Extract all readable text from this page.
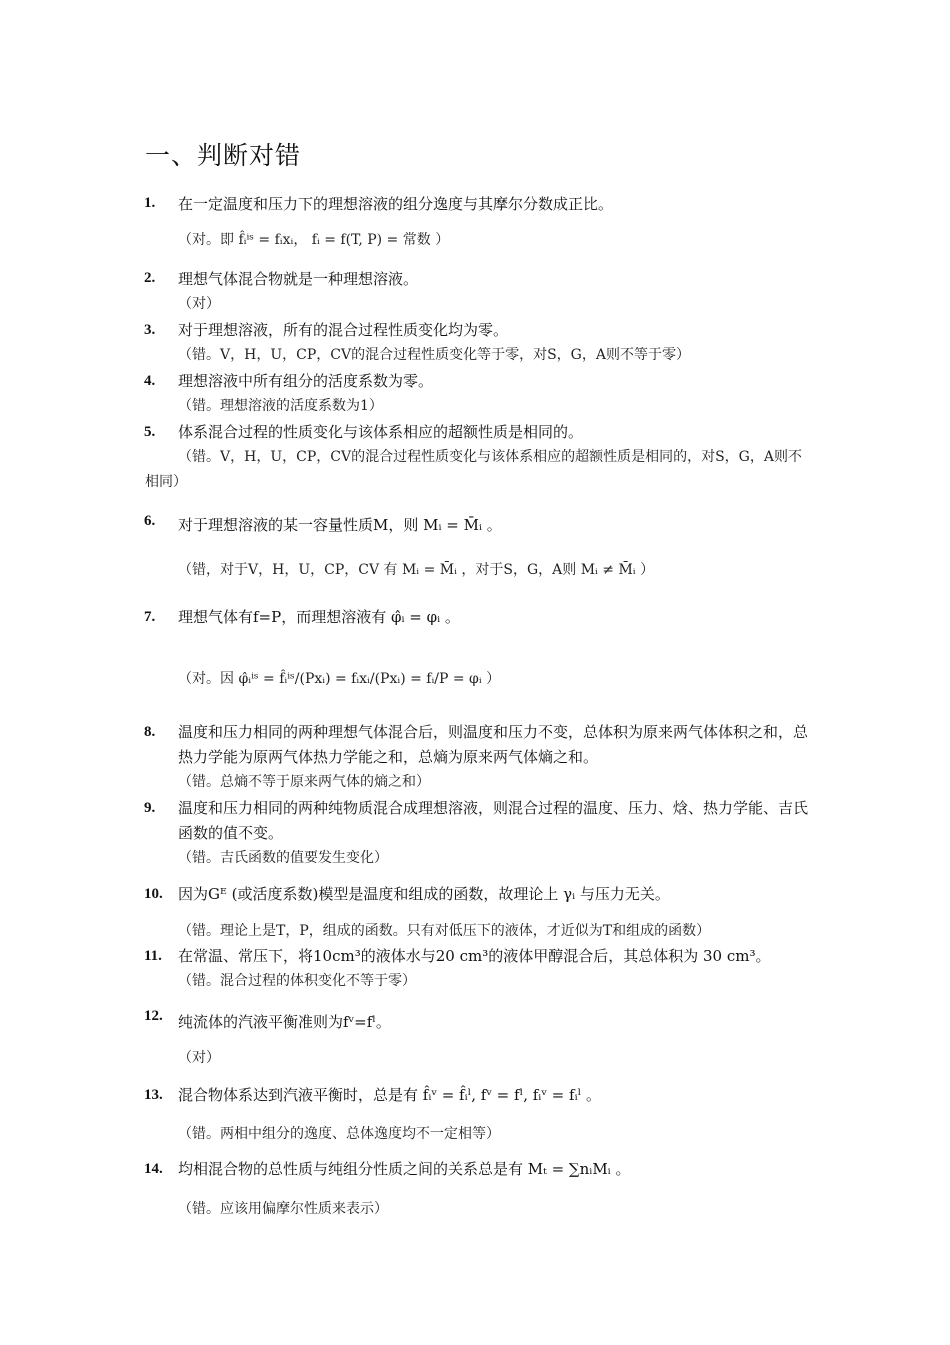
一、判断对错
1. 在一定温度和压力下的理想溶液的组分逸度与其摩尔分数成正比。
（对。即 f̂ᵢⁱˢ = fᵢxᵢ， fᵢ = f(T, P) = 常数 ）
2. 理想气体混合物就是一种理想溶液。
（对）
3. 对于理想溶液，所有的混合过程性质变化均为零。
（错。V，H，U，CP，CV的混合过程性质变化等于零，对S，G，A则不等于零）
4. 理想溶液中所有组分的活度系数为零。
（错。理想溶液的活度系数为1）
5. 体系混合过程的性质变化与该体系相应的超额性质是相同的。
（错。V，H，U，CP，CV的混合过程性质变化与该体系相应的超额性质是相同的，对S，G，A则不相同）
6. 对于理想溶液的某一容量性质M，则 Mᵢ = M̄ᵢ 。
（错，对于V，H，U，CP，CV 有 Mᵢ = M̄ᵢ ，对于S，G，A则 Mᵢ ≠ M̄ᵢ ）
7. 理想气体有f=P，而理想溶液有 φ̂ᵢ = φᵢ 。
（对。因 φ̂ᵢⁱˢ = f̂ᵢⁱˢ/(Pxᵢ) = fᵢxᵢ/(Pxᵢ) = fᵢ/P = φᵢ ）
8. 温度和压力相同的两种理想气体混合后，则温度和压力不变，总体积为原来两气体体积之和，总热力学能为原两气体热力学能之和，总熵为原来两气体熵之和。
（错。总熵不等于原来两气体的熵之和）
9. 温度和压力相同的两种纯物质混合成理想溶液，则混合过程的温度、压力、焓、热力学能、吉氏函数的值不变。
（错。吉氏函数的值要发生变化）
10. 因为Gᴱ (或活度系数)模型是温度和组成的函数，故理论上 γᵢ 与压力无关。
（错。理论上是T，P，组成的函数。只有对低压下的液体，才近似为T和组成的函数）
11. 在常温、常压下，将10cm³的液体水与20 cm³的液体甲醇混合后，其总体积为 30 cm³。
（错。混合过程的体积变化不等于零）
12. 纯流体的汽液平衡准则为fᵛ=fˡ。
（对）
13. 混合物体系达到汽液平衡时，总是有 f̂ᵢᵛ = f̂ᵢˡ, fᵛ = fˡ, fᵢᵛ = fᵢˡ 。
（错。两相中组分的逸度、总体逸度均不一定相等）
14. 均相混合物的总性质与纯组分性质之间的关系总是有 Mₜ = ∑nᵢMᵢ 。
（错。应该用偏摩尔性质来表示）
